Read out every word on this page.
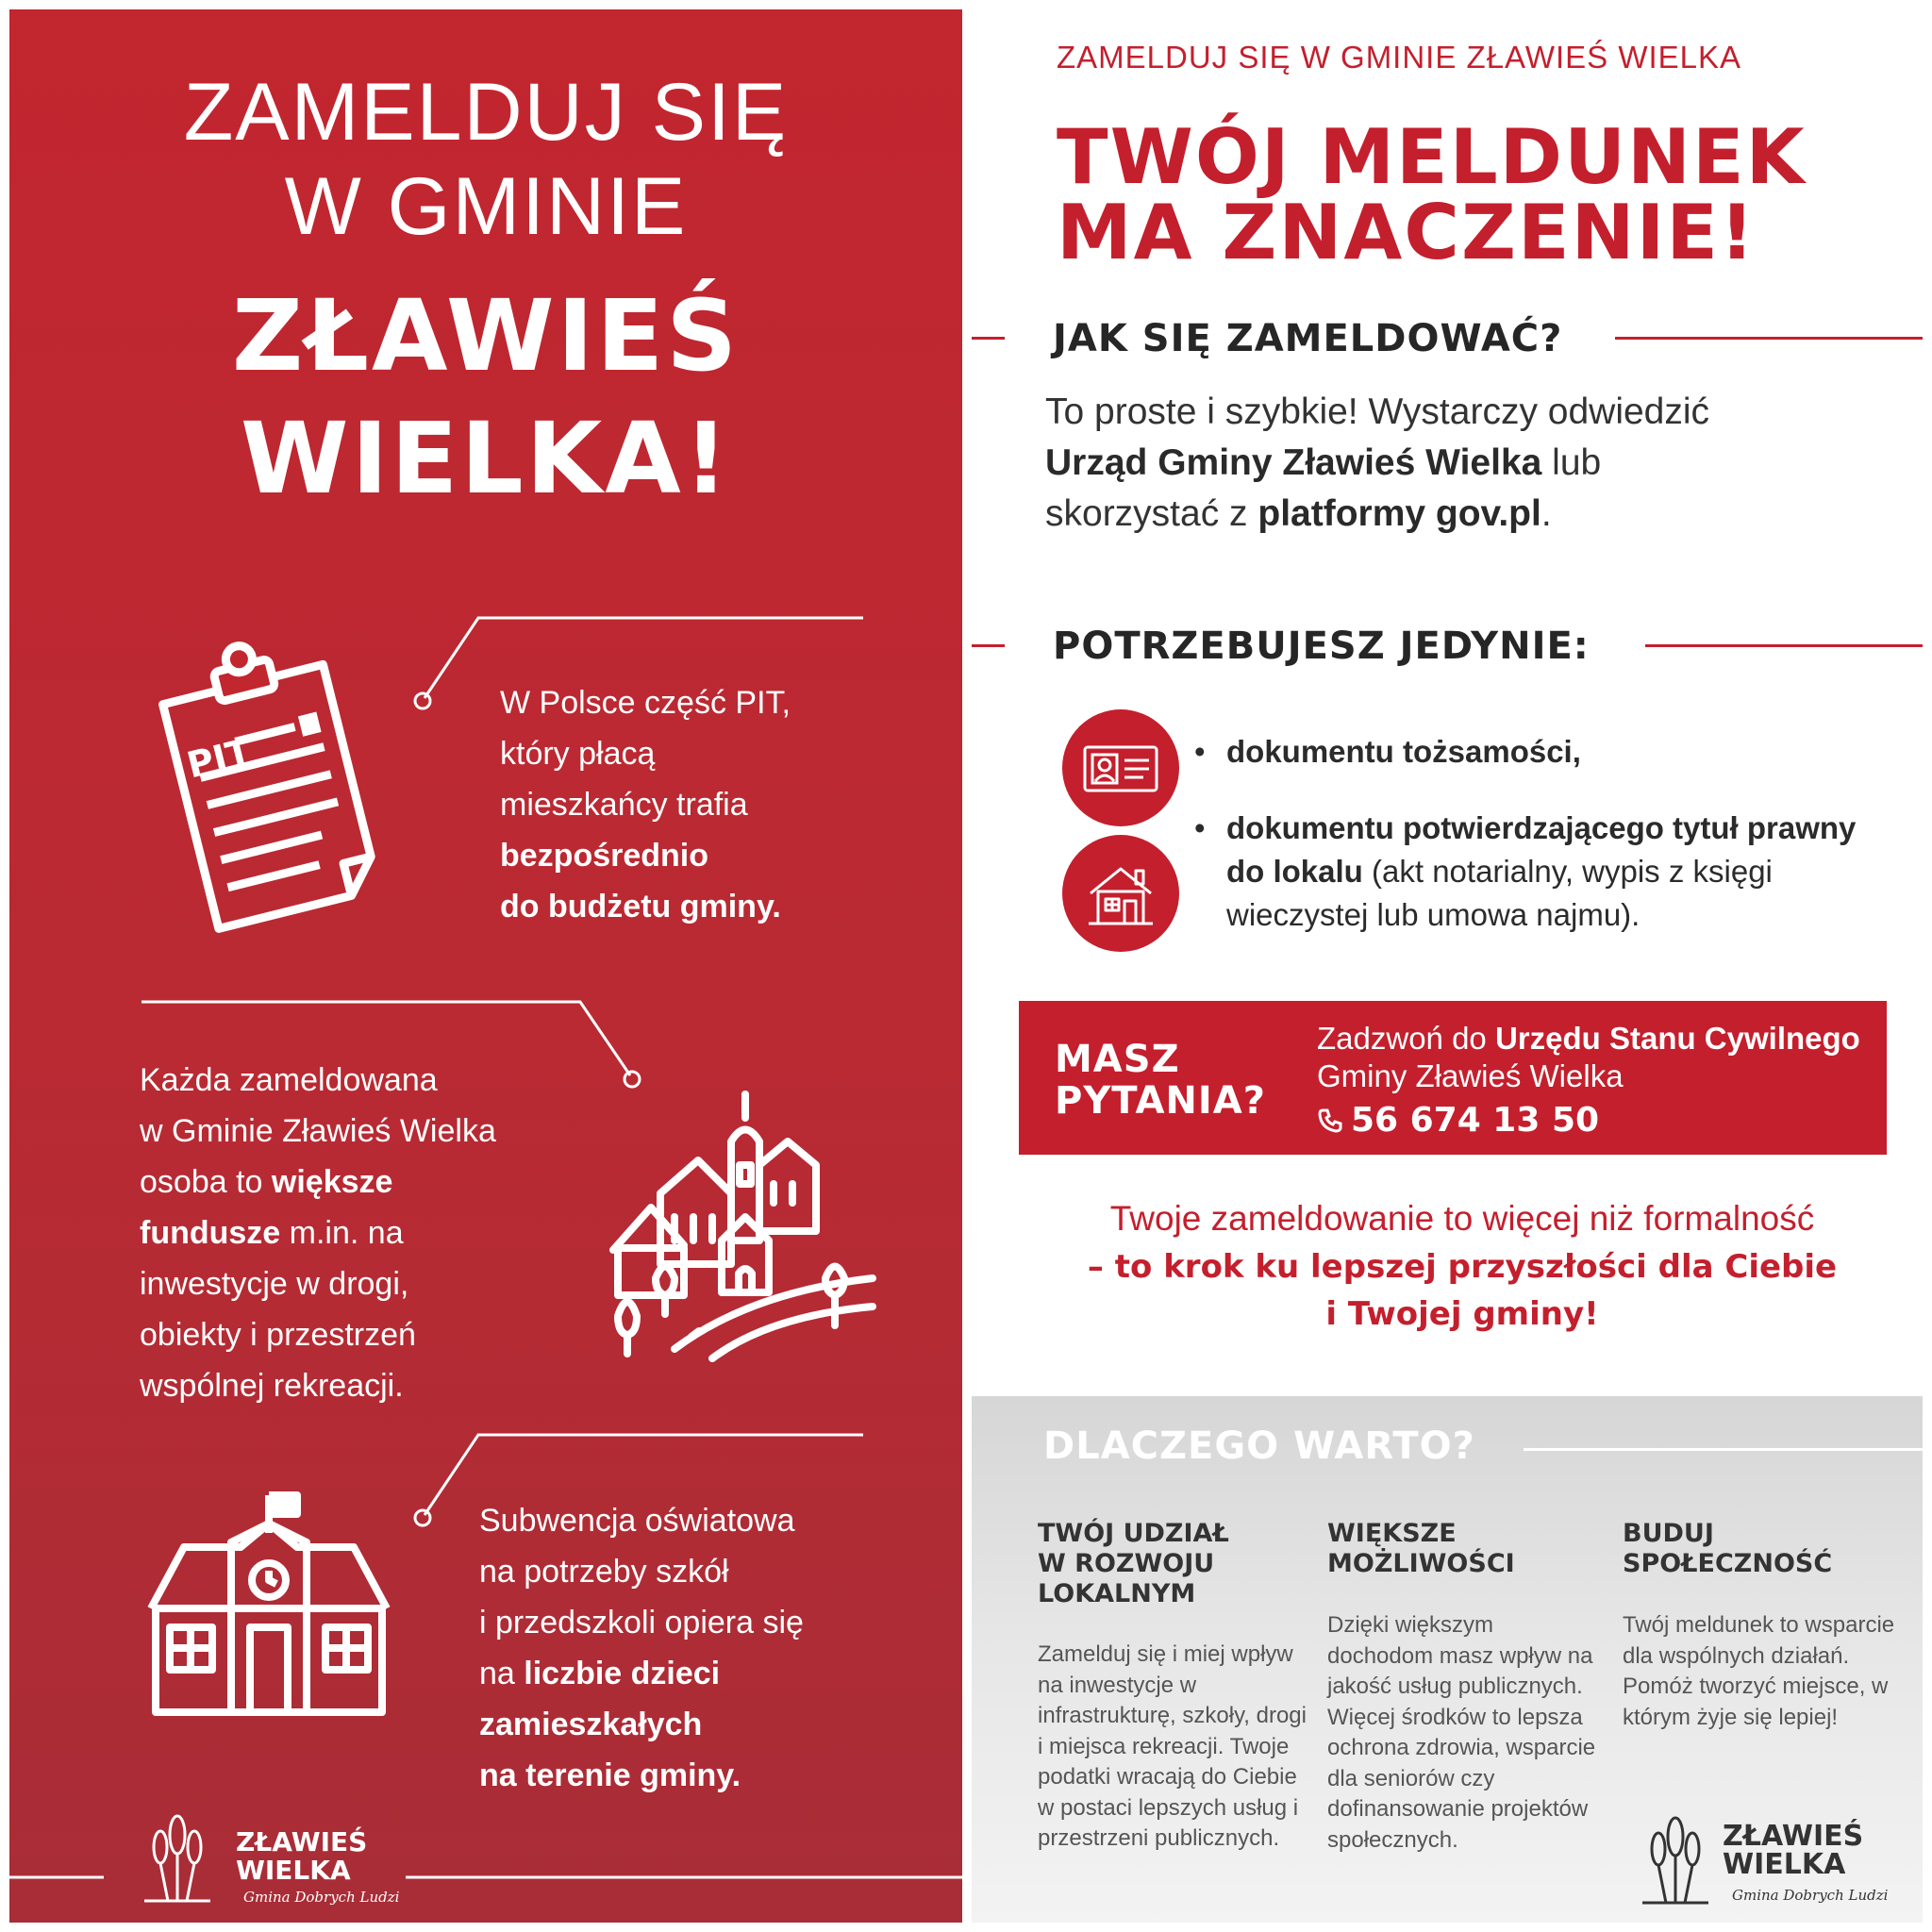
ZAMELDUJ SIĘ
W GMINIE
ZŁAWIEŚ
WIELKA!
PIT
W Polsce część PIT,
który płacą
mieszkańcy trafia
bezpośrednio
do budżetu gminy.
Każda zameldowana
w Gminie Zławieś Wielka
osoba to większe
fundusze m.in. na
inwestycje w drogi,
obiekty i przestrzeń
wspólnej rekreacji.
Subwencja oświatowa
na potrzeby szkół
i przedszkoli opiera się
na liczbie dzieci
zamieszkałych
na terenie gminy.
ZŁAWIEŚ
WIELKA
Gmina Dobrych Ludzi
ZAMELDUJ SIĘ W GMINIE ZŁAWIEŚ WIELKA
TWÓJ MELDUNEK
MA ZNACZENIE!
JAK SIĘ ZAMELDOWAĆ?
To proste i szybkie! Wystarczy odwiedzić
Urząd Gminy Zławieś Wielka lub
skorzystać z platformy gov.pl.
POTRZEBUJESZ JEDYNIE:
• dokumentu tożsamości,
• dokumentu potwierdzającego tytuł prawny do lokalu (akt notarialny, wypis z księgi wieczystej lub umowa najmu).
MASZ
PYTANIA?
Zadzwoń do Urzędu Stanu Cywilnego Gminy Zławieś Wielka
56 674 13 50
Twoje zameldowanie to więcej niż formalność
– to krok ku lepszej przyszłości dla Ciebie
i Twojej gminy!
DLACZEGO WARTO?
TWÓJ UDZIAŁ
W ROZWOJU
LOKALNYM

Zamelduj się i miej wpływ na inwestycje w infrastrukturę, szkoły, drogi i miejsca rekreacji. Twoje podatki wracają do Ciebie w postaci lepszych usług i przestrzeni publicznych.

WIĘKSZE
MOŻLIWOŚCI

Dzięki większym dochodom masz wpływ na jakość usług publicznych. Więcej środków to lepsza ochrona zdrowia, wsparcie dla seniorów czy dofinansowanie projektów społecznych.

BUDUJ
SPOŁECZNOŚĆ

Twój meldunek to wsparcie dla wspólnych działań. Pomóż tworzyć miejsce, w którym żyje się lepiej!

ZŁAWIEŚ
WIELKA
Gmina Dobrych Ludzi
